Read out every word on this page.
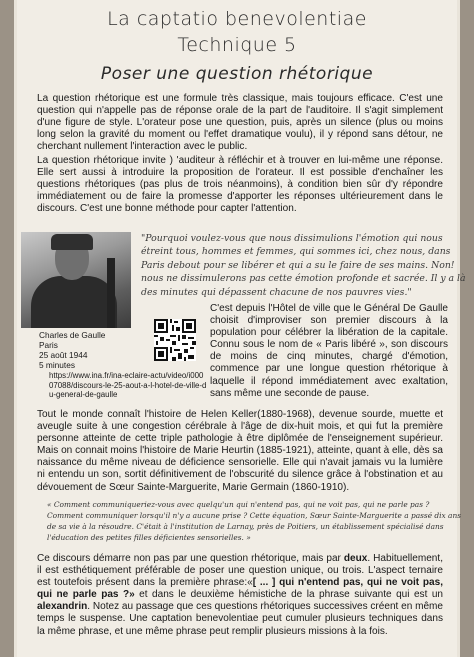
La captatio benevolentiae
Technique 5
Poser une question rhétorique

La question rhétorique est une formule très classique, mais toujours efficace. C'est une question qui n'appelle pas de réponse orale de la part de l'auditoire. Il s'agit simplement d'une figure de style. L'orateur pose une question, puis, après un silence (plus ou moins long selon la gravité du moment ou l'effet dramatique voulu), il y répond sans détour, ne cherchant nullement l'interaction avec le public.

La question rhétorique invite ) 'auditeur à réfléchir et à trouver en lui-même une réponse. Elle sert aussi à introduire la proposition de l'orateur. Il est possible d'enchaîner les questions rhétoriques (pas plus de trois néanmoins), à condition bien sûr d'y répondre immédiatement ou de faire la promesse d'apporter les réponses ultérieurement dans le discours. C'est une bonne méthode pour capter l'attention.

"Pourquoi voulez-vous que nous dissimulions l'émotion qui nous étreint tous, hommes et femmes, qui sommes ici, chez nous, dans Paris debout pour se libérer et qui a su le faire de ses mains. Non! nous ne dissimulerons pas cette émotion profonde et sacrée. Il y a là des minutes qui dépassent chacune de nos pauvres vies."

Charles de Gaulle

Paris

25 août 1944

5 minutes

https://www.ina.fr/ina-eclaire-actu/video/i00007088/discours-le-25-aout-a-l-hotel-de-ville-du-general-de-gaulle

C'est depuis l'Hôtel de ville que le Général De Gaulle choisit d'improviser son premier discours à la population pour célébrer la libération de la capitale. Connu sous le nom de « Paris libéré », son discours de moins de cinq minutes, chargé d'émotion, commence par une longue question rhétorique à laquelle il répond immédiatement avec exaltation, sans même une seconde de pause.

Tout le monde connaît l'histoire de Helen Keller(1880-1968), devenue sourde, muette et aveugle suite à une congestion cérébrale à l'âge de dix-huit mois, et qui fut la première personne atteinte de cette triple pathologie à être diplômée de l'enseignement supérieur. Mais on connait moins l'histoire de Marie Heurtin (1885-1921), atteinte, quant à elle, dès sa naissance du même niveau de déficience sensorielle. Elle qui n'avait jamais vu la lumière ni entendu un son, sortit définitivement de l'obscurité du silence grâce à l'obstination et au dévouement de Sœur Sainte-Marguerite, Marie Germain (1860-1910).

« Comment communiqueriez-vous avec quelqu'un qui n'entend pas, qui ne voit pas, qui ne parle pas ? Comment communiquer lorsqu'il n'y a aucune prise ? Cette équation, Sœur Sainte-Marguerite a passé dix ans de sa vie à la résoudre. C'était à l'institution de Larnay, près de Poitiers, un établissement spécialisé dans l'éducation des petites filles déficientes sensorielles. »

Ce discours démarre non pas par une question rhétorique, mais par deux. Habituellement, il est esthétiquement préférable de poser une question unique, ou trois. L'aspect ternaire est toutefois présent dans la première phrase:«[ ... ] qui n'entend pas, qui ne voit pas, qui ne parle pas ?» et dans le deuxième hémistiche de la phrase suivante qui est un alexandrin. Notez au passage que ces questions rhétoriques successives créent en même temps le suspense. Une captation benevolentiae peut cumuler plusieurs techniques dans la même phrase, et une même phrase peut remplir plusieurs missions à la fois.
